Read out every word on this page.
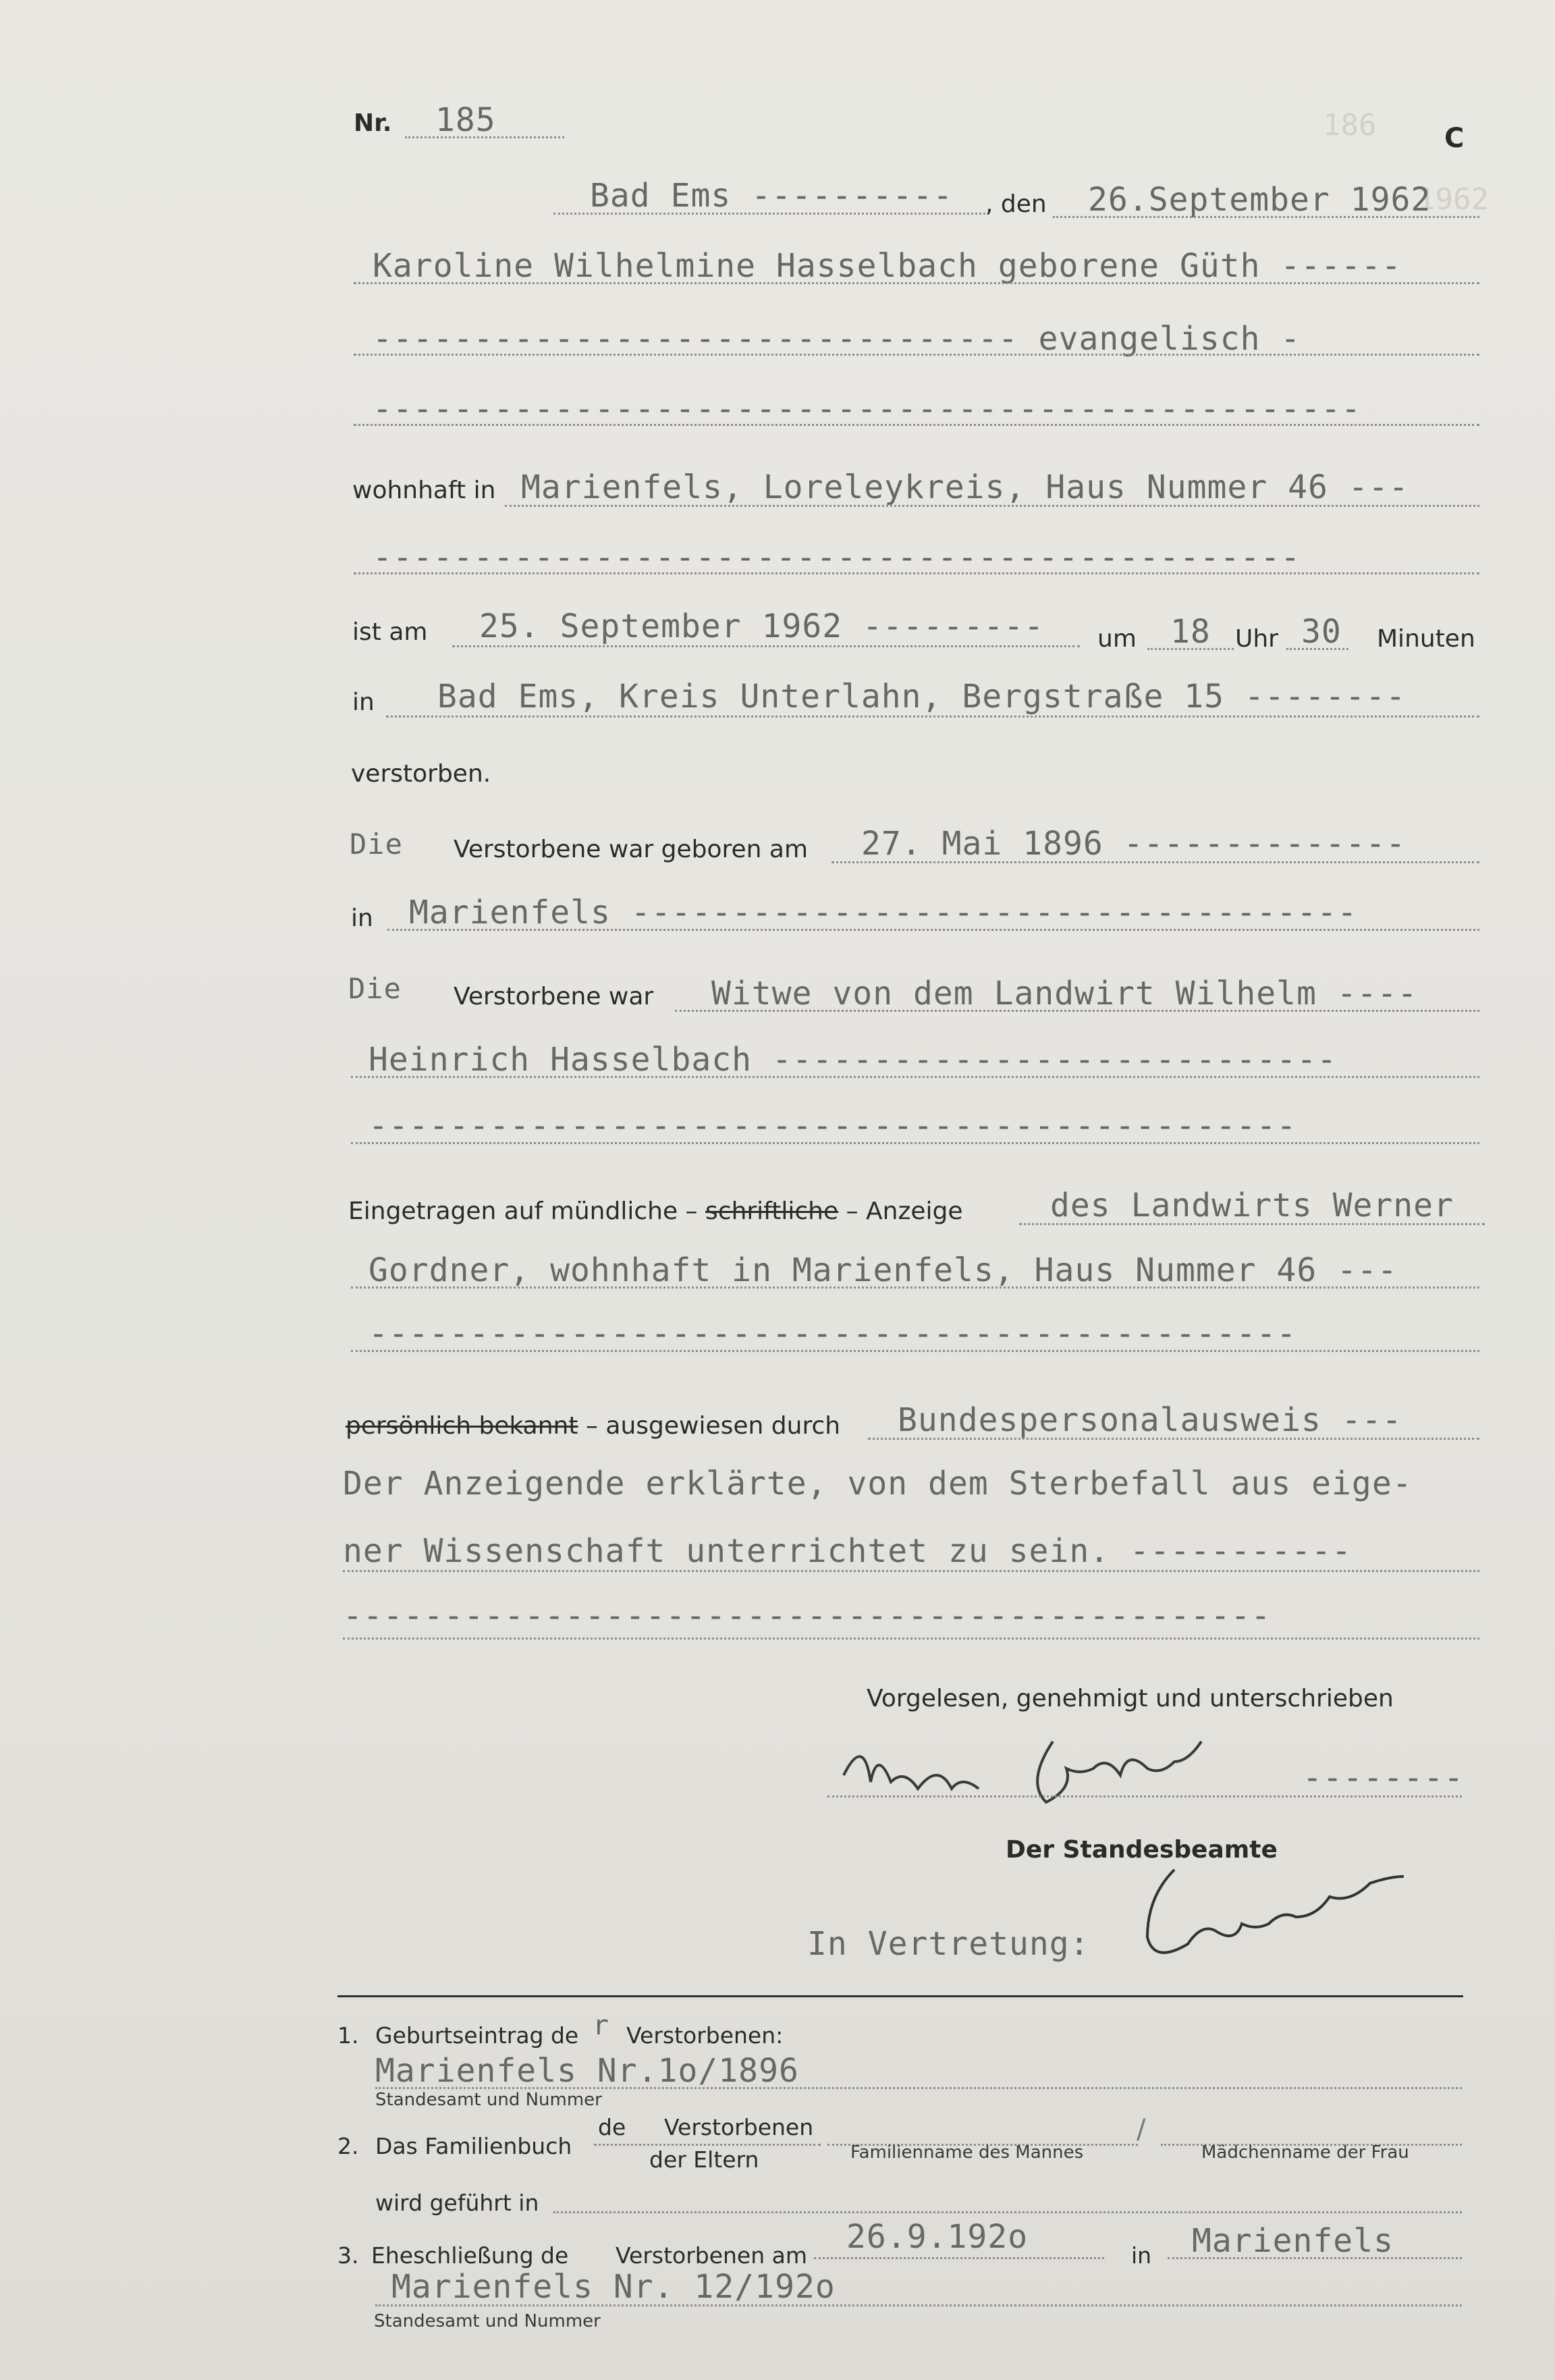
186
1962
Nr. 185	C
Bad Ems ---------- , den 26.September 1962
Karoline Wilhelmine Hasselbach geborene Güth ------
-------------------------------- evangelisch -
-------------------------------------------------
wohnhaft in Marienfels, Loreleykreis, Haus Nummer 46 ---
----------------------------------------------
ist am 25. September 1962 --------- um 18 Uhr 30 Minuten
in Bad Ems, Kreis Unterlahn, Bergstraße 15 --------
verstorben.
Die Verstorbene war geboren am 27. Mai 1896 --------------
in Marienfels ------------------------------------
Die Verstorbene war Witwe von dem Landwirt Wilhelm ----
Heinrich Hasselbach ----------------------------
----------------------------------------------
Eingetragen auf mündliche – schriftliche – Anzeige	des Landwirts Werner
Gordner, wohnhaft in Marienfels, Haus Nummer 46 ---
----------------------------------------------
persönlich bekannt – ausgewiesen durch Bundespersonalausweis ---
Der Anzeigende erklärte, von dem Sterbefall aus eige-
ner Wissenschaft unterrichtet zu sein. -----------
----------------------------------------------
Vorgelesen, genehmigt und unterschrieben
--------
Der Standesbeamte
In Vertretung:
1. Geburtseintrag de r Verstorbenen:
Marienfels Nr.1o/1896
Standesamt und Nummer
2. Das Familienbuch
de Verstorbenen
der Eltern	Familienname des Mannes
/
Mädchenname der Frau
wird geführt in
3. Eheschließung de Verstorbenen am 26.9.192o	in Marienfels
Marienfels Nr. 12/192o
Standesamt und Nummer
